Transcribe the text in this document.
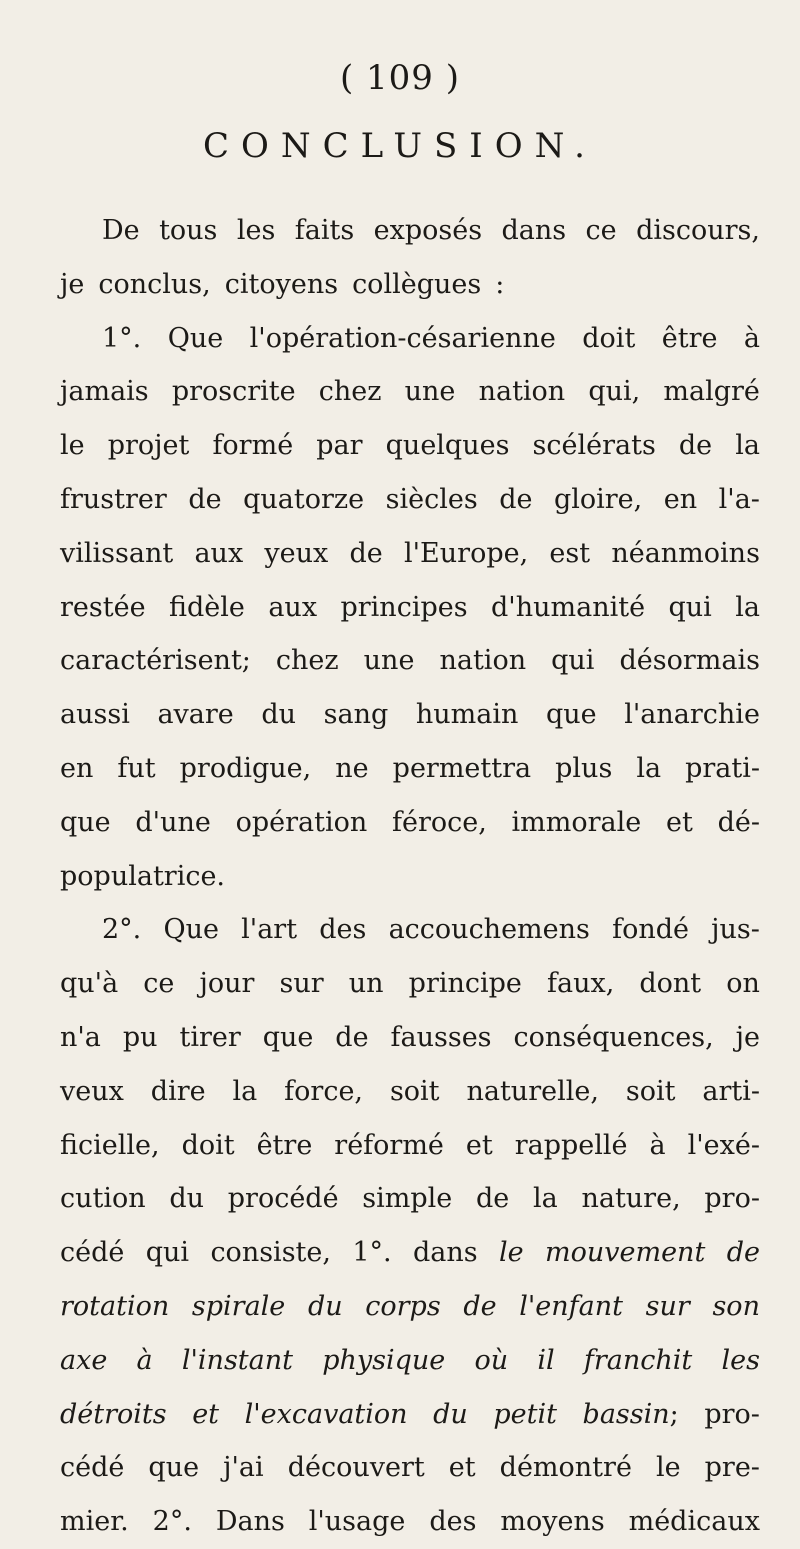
( 109 )
CONCLUSION.
De tous les faits exposés dans ce discours,
je conclus, citoyens collègues :
1°. Que l'opération-césarienne doit être à
jamais proscrite chez une nation qui, malgré
le projet formé par quelques scélérats de la
frustrer de quatorze siècles de gloire, en l'a-
vilissant aux yeux de l'Europe, est néanmoins
restée fidèle aux principes d'humanité qui la
caractérisent; chez une nation qui désormais
aussi avare du sang humain que l'anarchie
en fut prodigue, ne permettra plus la prati-
que d'une opération féroce, immorale et dé-
populatrice.
2°. Que l'art des accouchemens fondé jus-
qu'à ce jour sur un principe faux, dont on
n'a pu tirer que de fausses conséquences, je
veux dire la force, soit naturelle, soit arti-
ficielle, doit être réformé et rappellé à l'exé-
cution du procédé simple de la nature, pro-
cédé qui consiste, 1°. dans le mouvement de
rotation spirale du corps de l'enfant sur son
axe à l'instant physique où il franchit les
détroits et l'excavation du petit bassin; pro-
cédé que j'ai découvert et démontré le pre-
mier. 2°. Dans l'usage des moyens médicaux
